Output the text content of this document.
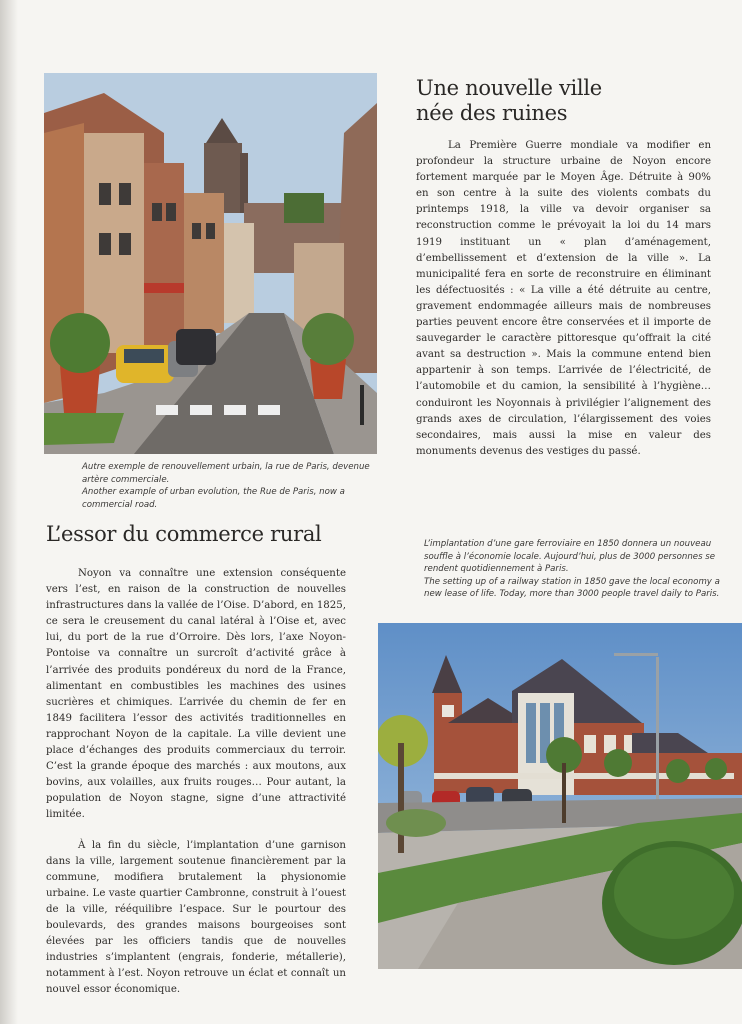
Autre exemple de renouvellement urbain, la rue de Paris, devenue artère commerciale.

Another example of urban evolution, the Rue de Paris, now a commercial road.

Une nouvelle ville
née des ruines

La Première Guerre mondiale va modifier en profondeur la structure urbaine de Noyon encore fortement marquée par le Moyen Âge. Détruite à 90% en son centre à la suite des violents combats du printemps 1918, la ville va devoir organiser sa reconstruction comme le prévoyait la loi du 14 mars 1919 instituant un « plan d’aménagement, d’embellissement et d’extension de la ville ». La municipalité fera en sorte de reconstruire en éliminant les défectuosités : « La ville a été détruite au centre, gravement endommagée ailleurs mais de nombreuses parties peuvent encore être conservées et il importe de sauvegarder le caractère pittoresque qu’offrait la cité avant sa destruction ». Mais la commune entend bien appartenir à son temps. L’arrivée de l’électricité, de l’automobile et du camion, la sensibilité à l’hygiène… conduiront les Noyonnais à privilégier l’alignement des grands axes de circulation, l’élargissement des voies secondaires, mais aussi la mise en valeur des monuments devenus des vestiges du passé.

L’essor du commerce rural

Noyon va connaître une extension conséquente vers l’est, en raison de la construction de nouvelles infrastructures dans la vallée de l’Oise. D’abord, en 1825, ce sera le creusement du canal latéral à l’Oise et, avec lui, du port de la rue d’Orroire. Dès lors, l’axe Noyon-Pontoise va connaître un surcroît d’activité grâce à l’arrivée des produits pondéreux du nord de la France, alimentant en combustibles les machines des usines sucrières et chimiques. L’arrivée du chemin de fer en 1849 facilitera l’essor des activités traditionnelles en rapprochant Noyon de la capitale. La ville devient une place d’échanges des produits commerciaux du terroir. C’est la grande époque des marchés : aux moutons, aux bovins, aux volailles, aux fruits rouges… Pour autant, la population de Noyon stagne, signe d’une attractivité limitée.

À la fin du siècle, l’implantation d’une garnison dans la ville, largement soutenue financièrement par la commune, modifiera brutalement la physionomie urbaine. Le vaste quartier Cambronne, construit à l’ouest de la ville, rééquilibre l’espace. Sur le pourtour des boulevards, des grandes maisons bourgeoises sont élevées par les officiers tandis que de nouvelles industries s’implantent (engrais, fonderie, métallerie), notamment à l’est. Noyon retrouve un éclat et connaît un nouvel essor économique.

L’implantation d’une gare ferroviaire en 1850 donnera un nouveau souffle à l’économie locale. Aujourd’hui, plus de 3000 personnes se rendent quotidiennement à Paris.

The setting up of a railway station in 1850 gave the local economy a new lease of life. Today, more than 3000 people travel daily to Paris.
